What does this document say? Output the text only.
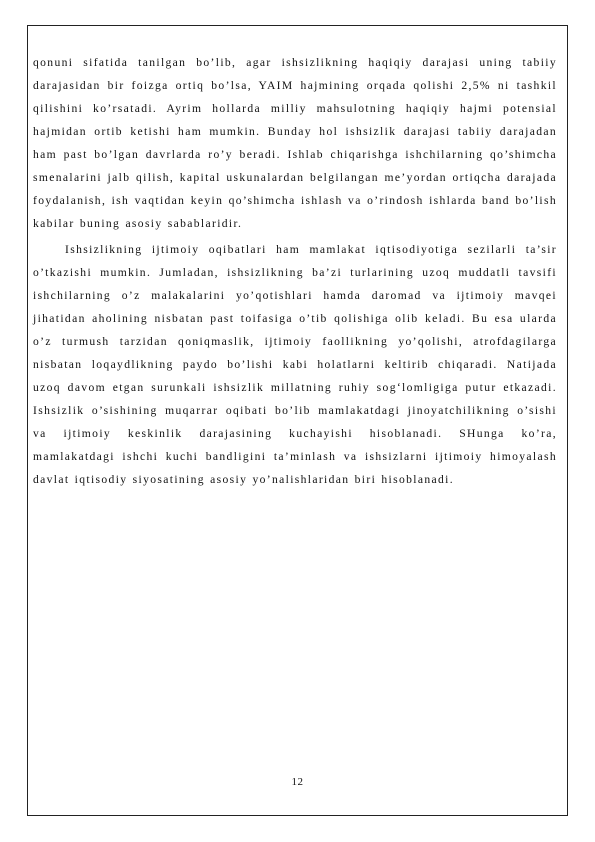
qonuni sifatida tanilgan bo’lib, agar ishsizlikning haqiqiy darajasi uning tabiiy darajasidan bir foizga ortiq bo’lsa, YAIM hajmining orqada qolishi 2,5% ni tashkil qilishini ko’rsatadi. Ayrim hollarda milliy mahsulotning haqiqiy hajmi potensial hajmidan ortib ketishi ham mumkin. Bunday hol ishsizlik darajasi tabiiy darajadan ham past bo’lgan davrlarda ro’y beradi. Ishlab chiqarishga ishchilarning qo’shimcha smenalarini jalb qilish, kapital uskunalardan belgilangan me’yordan ortiqcha darajada foydalanish, ish vaqtidan keyin qo’shimcha ishlash va o’rindosh ishlarda band bo’lish kabilar buning asosiy sabablaridir.

Ishsizlikning ijtimoiy oqibatlari ham mamlakat iqtisodiyotiga sezilarli ta’sir o’tkazishi mumkin. Jumladan, ishsizlikning ba’zi turlarining uzoq muddatli tavsifi ishchilarning o’z malakalarini yo’qotishlari hamda daromad va ijtimoiy mavqei jihatidan aholining nisbatan past toifasiga o’tib qolishiga olib keladi. Bu esa ularda o’z turmush tarzidan qoniqmaslik, ijtimoiy faollikning yo’qolishi, atrofdagilarga nisbatan loqaydlikning paydo bo’lishi kabi holatlarni keltirib chiqaradi. Natijada uzoq davom etgan surunkali ishsizlik millatning ruhiy sog‘lomligiga putur etkazadi. Ishsizlik o’sishining muqarrar oqibati bo’lib mamlakatdagi jinoyatchilikning o’sishi va ijtimoiy keskinlik darajasining kuchayishi hisoblanadi. SHunga ko’ra, mamlakatdagi ishchi kuchi bandligini ta’minlash va ishsizlarni ijtimoiy himoyalash davlat iqtisodiy siyosatining asosiy yo’nalishlaridan biri hisoblanadi.

12
